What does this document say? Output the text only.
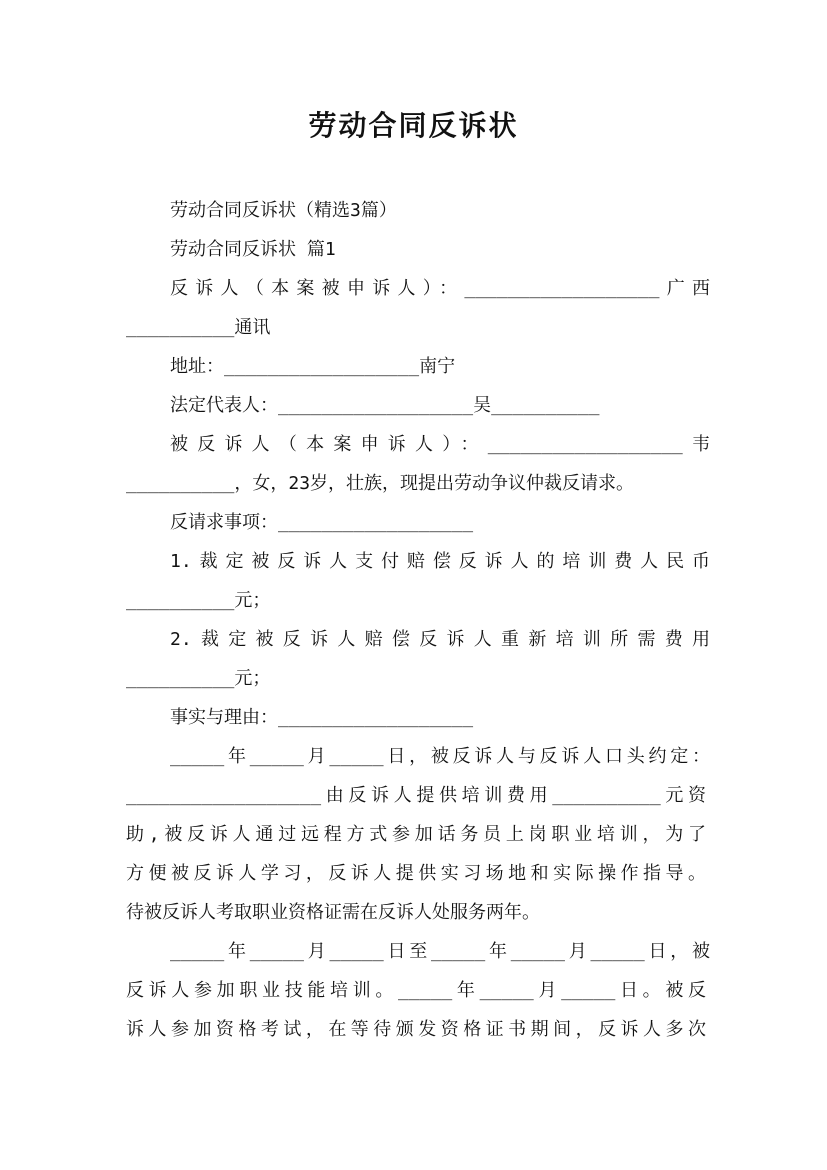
劳动合同反诉状
劳动合同反诉状（精选3篇）
劳动合同反诉状 篇1
反诉人（本案被申诉人）：__________________广西
__________通讯
地址：__________________南宁
法定代表人：__________________吴__________
被反诉人（本案申诉人）：__________________韦
__________，女，23岁，壮族，现提出劳动争议仲裁反请求。
反请求事项：__________________
1.裁定被反诉人支付赔偿反诉人的培训费人民币
__________元；
2.裁定被反诉人赔偿反诉人重新培训所需费用
__________元；
事实与理由：__________________
_____年_____月_____日，被反诉人与反诉人口头约定：
__________________由反诉人提供培训费用__________元资
助,被反诉人通过远程方式参加话务员上岗职业培训，为了
方便被反诉人学习，反诉人提供实习场地和实际操作指导。
待被反诉人考取职业资格证需在反诉人处服务两年。
_____年_____月_____日至_____年_____月_____日，被
反诉人参加职业技能培训。_____年_____月_____日。被反
诉人参加资格考试，在等待颁发资格证书期间，反诉人多次
